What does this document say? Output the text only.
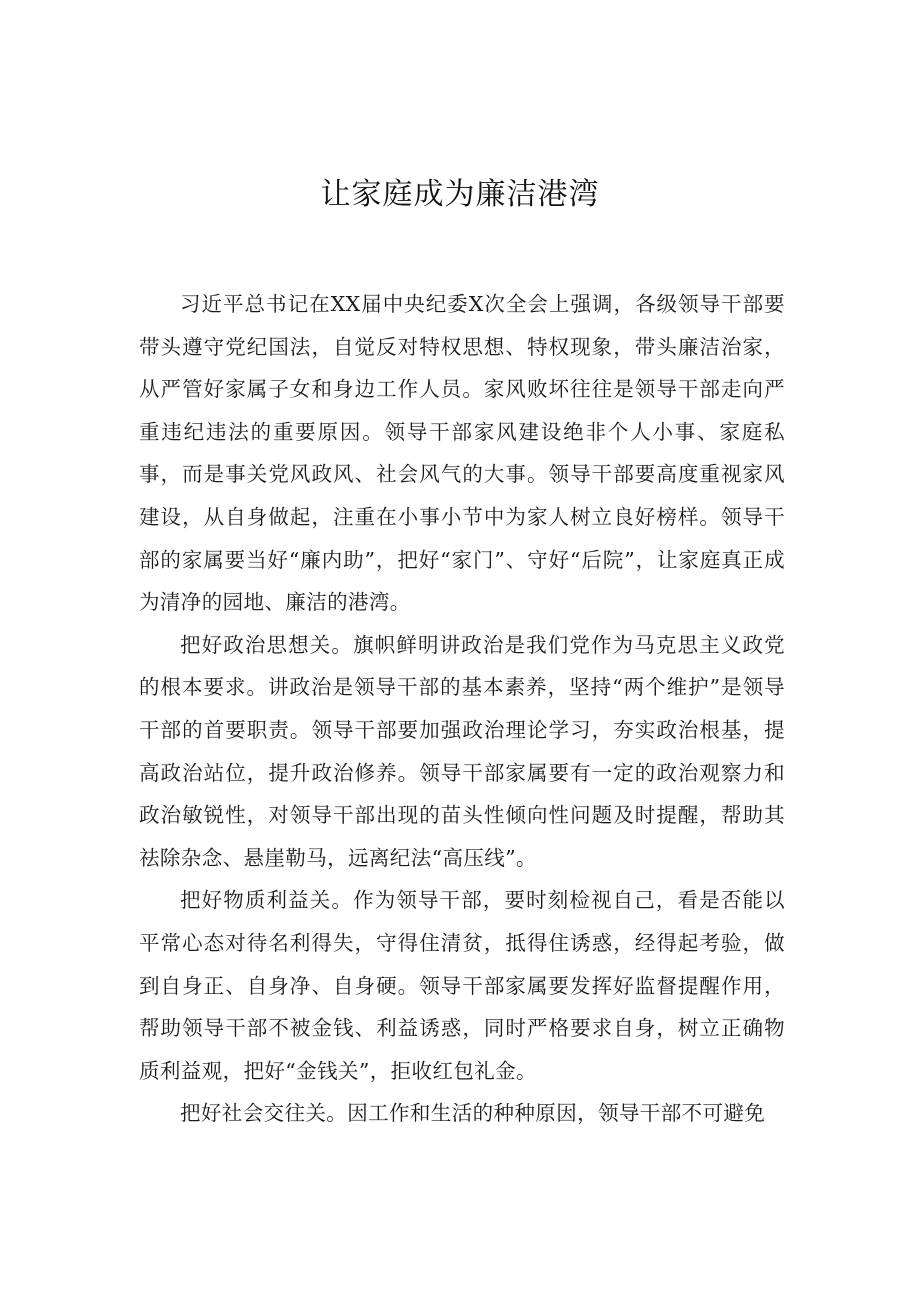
让家庭成为廉洁港湾

习近平总书记在XX届中央纪委X次全会上强调，各级领导干部要带头遵守党纪国法，自觉反对特权思想、特权现象，带头廉洁治家，从严管好家属子女和身边工作人员。家风败坏往往是领导干部走向严重违纪违法的重要原因。领导干部家风建设绝非个人小事、家庭私事，而是事关党风政风、社会风气的大事。领导干部要高度重视家风建设，从自身做起，注重在小事小节中为家人树立良好榜样。领导干部的家属要当好“廉内助”，把好“家门”、守好“后院”，让家庭真正成为清净的园地、廉洁的港湾。

把好政治思想关。旗帜鲜明讲政治是我们党作为马克思主义政党的根本要求。讲政治是领导干部的基本素养，坚持“两个维护”是领导干部的首要职责。领导干部要加强政治理论学习，夯实政治根基，提高政治站位，提升政治修养。领导干部家属要有一定的政治观察力和政治敏锐性，对领导干部出现的苗头性倾向性问题及时提醒，帮助其祛除杂念、悬崖勒马，远离纪法“高压线”。

把好物质利益关。作为领导干部，要时刻检视自己，看是否能以平常心态对待名利得失，守得住清贫，抵得住诱惑，经得起考验，做到自身正、自身净、自身硬。领导干部家属要发挥好监督提醒作用，帮助领导干部不被金钱、利益诱惑，同时严格要求自身，树立正确物质利益观，把好“金钱关”，拒收红包礼金。

把好社会交往关。因工作和生活的种种原因，领导干部不可避免
